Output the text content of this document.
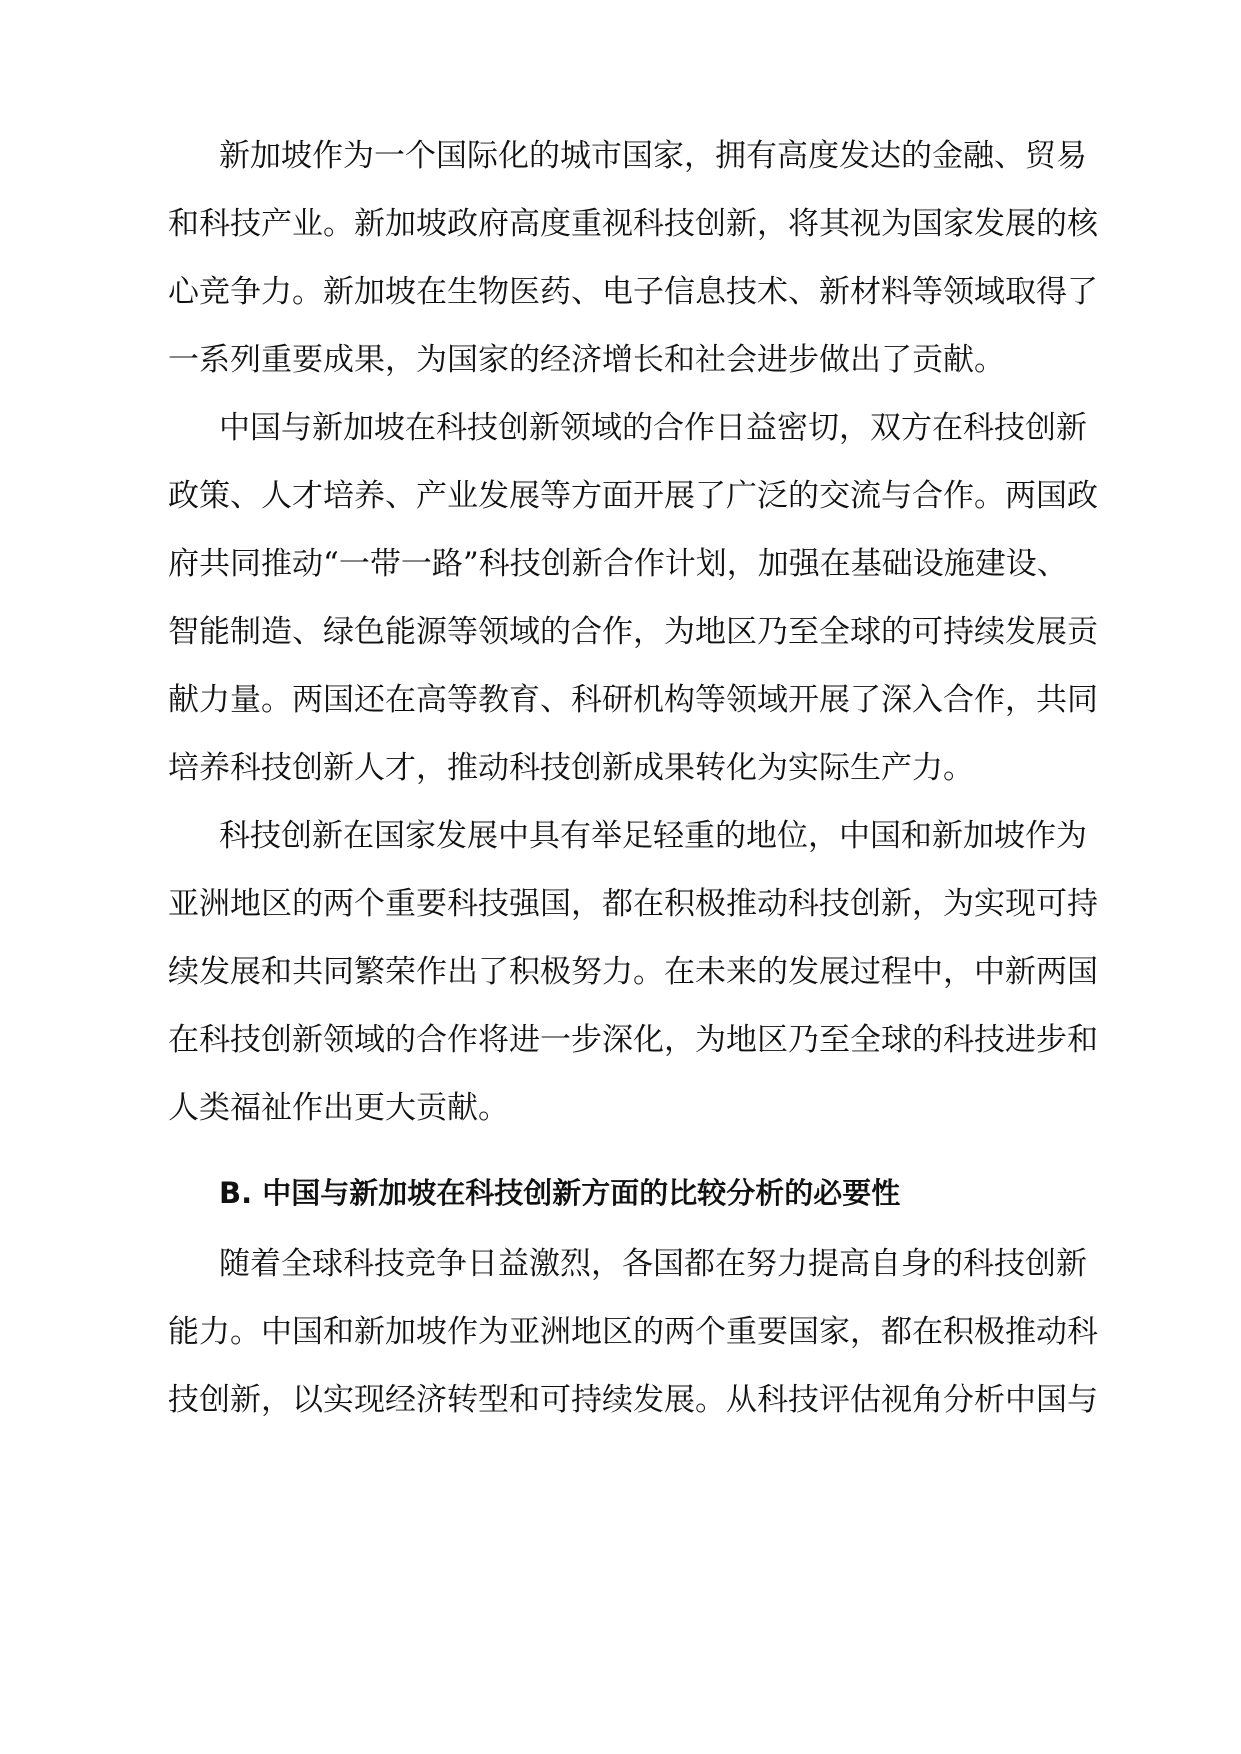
新加坡作为一个国际化的城市国家，拥有高度发达的金融、贸易
和科技产业。新加坡政府高度重视科技创新，将其视为国家发展的核
心竞争力。新加坡在生物医药、电子信息技术、新材料等领域取得了
一系列重要成果，为国家的经济增长和社会进步做出了贡献。
中国与新加坡在科技创新领域的合作日益密切，双方在科技创新
政策、人才培养、产业发展等方面开展了广泛的交流与合作。两国政
府共同推动“一带一路”科技创新合作计划，加强在基础设施建设、
智能制造、绿色能源等领域的合作，为地区乃至全球的可持续发展贡
献力量。两国还在高等教育、科研机构等领域开展了深入合作，共同
培养科技创新人才，推动科技创新成果转化为实际生产力。
科技创新在国家发展中具有举足轻重的地位，中国和新加坡作为
亚洲地区的两个重要科技强国，都在积极推动科技创新，为实现可持
续发展和共同繁荣作出了积极努力。在未来的发展过程中，中新两国
在科技创新领域的合作将进一步深化，为地区乃至全球的科技进步和
人类福祉作出更大贡献。
B. 中国与新加坡在科技创新方面的比较分析的必要性
随着全球科技竞争日益激烈，各国都在努力提高自身的科技创新
能力。中国和新加坡作为亚洲地区的两个重要国家，都在积极推动科
技创新，以实现经济转型和可持续发展。从科技评估视角分析中国与
